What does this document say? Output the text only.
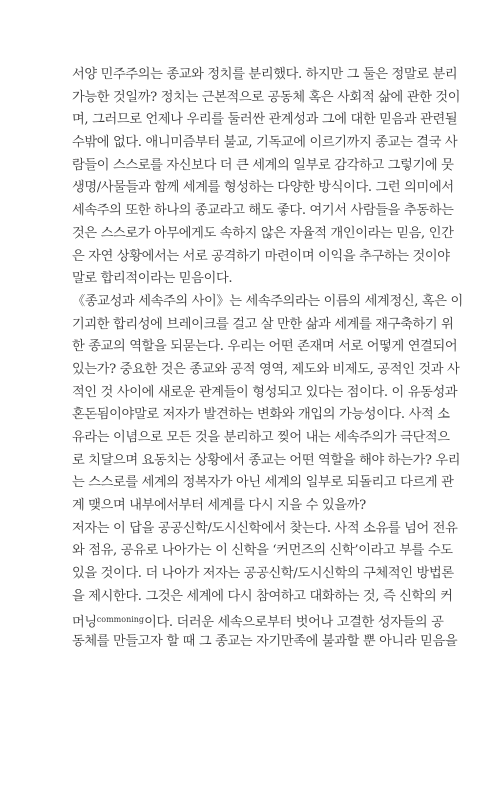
서양 민주주의는 종교와 정치를 분리했다. 하지만 그 둘은 정말로 분리
가능한 것일까? 정치는 근본적으로 공동체 혹은 사회적 삶에 관한 것이
며, 그러므로 언제나 우리를 둘러싼 관계성과 그에 대한 믿음과 관련될
수밖에 없다. 애니미즘부터 불교, 기독교에 이르기까지 종교는 결국 사
람들이 스스로를 자신보다 더 큰 세계의 일부로 감각하고 그렇기에 뭇
생명/사물들과 함께 세계를 형성하는 다양한 방식이다. 그런 의미에서
세속주의 또한 하나의 종교라고 해도 좋다. 여기서 사람들을 추동하는
것은 스스로가 아무에게도 속하지 않은 자율적 개인이라는 믿음, 인간
은 자연 상황에서는 서로 공격하기 마련이며 이익을 추구하는 것이야
말로 합리적이라는 믿음이다.
《종교성과 세속주의 사이》는 세속주의라는 이름의 세계정신, 혹은 이
기괴한 합리성에 브레이크를 걸고 살 만한 삶과 세계를 재구축하기 위
한 종교의 역할을 되묻는다. 우리는 어떤 존재며 서로 어떻게 연결되어
있는가? 중요한 것은 종교와 공적 영역, 제도와 비제도, 공적인 것과 사
적인 것 사이에 새로운 관계들이 형성되고 있다는 점이다. 이 유동성과
혼돈됨이야말로 저자가 발견하는 변화와 개입의 가능성이다. 사적 소
유라는 이념으로 모든 것을 분리하고 찢어 내는 세속주의가 극단적으
로 치달으며 요동치는 상황에서 종교는 어떤 역할을 해야 하는가? 우리
는 스스로를 세계의 정복자가 아닌 세계의 일부로 되돌리고 다르게 관
계 맺으며 내부에서부터 세계를 다시 지을 수 있을까?
저자는 이 답을 공공신학/도시신학에서 찾는다. 사적 소유를 넘어 전유
와 점유, 공유로 나아가는 이 신학을 ‘커먼즈의 신학’이라고 부를 수도
있을 것이다. 더 나아가 저자는 공공신학/도시신학의 구체적인 방법론
을 제시한다. 그것은 세계에 다시 참여하고 대화하는 것, 즉 신학의 커
머닝$^{commoning}$이다. 더러운 세속으로부터 벗어나 고결한 성자들의 공
동체를 만들고자 할 때 그 종교는 자기만족에 불과할 뿐 아니라 믿음을
